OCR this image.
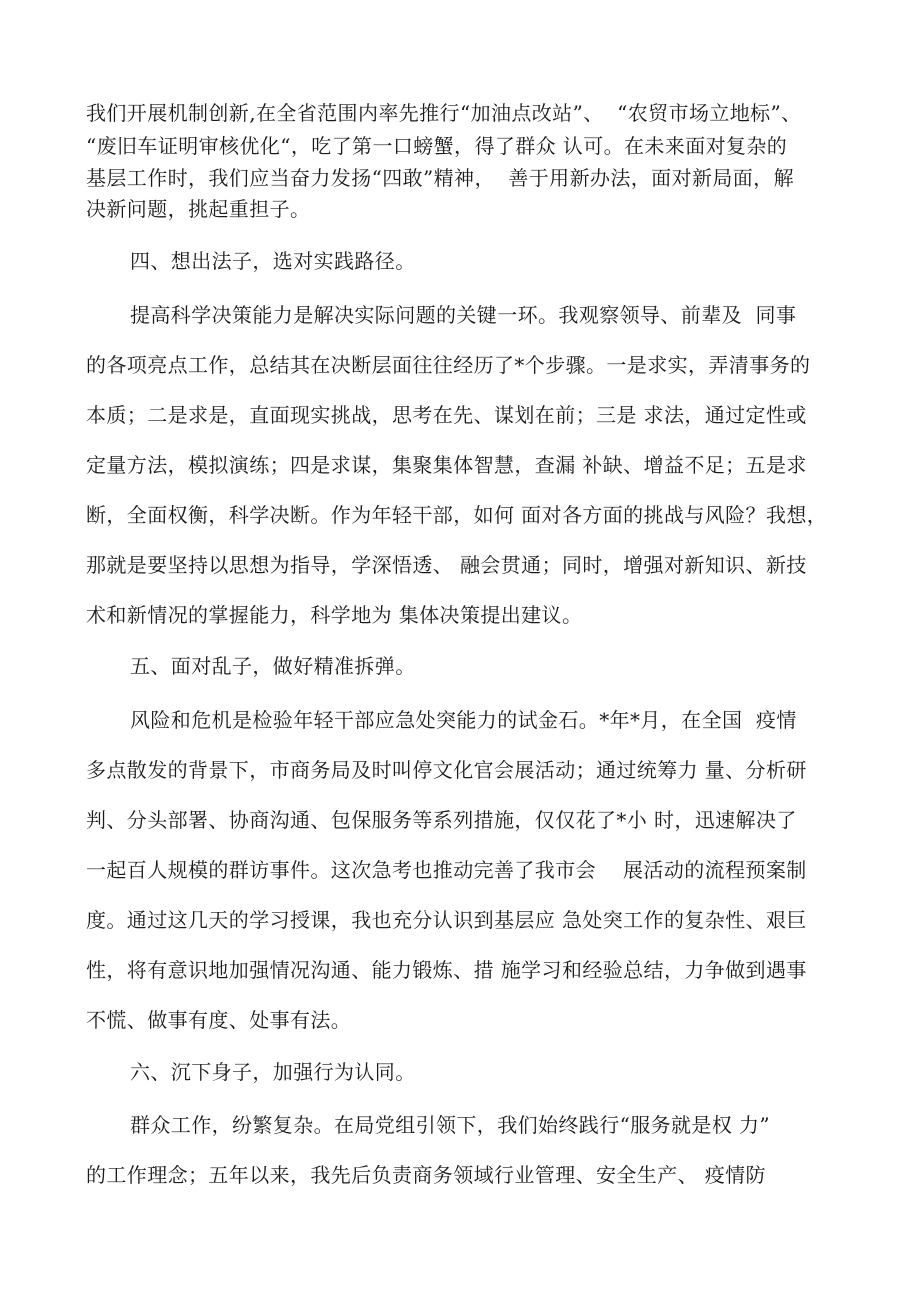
我们开展机制创新,在全省范围内率先推行“加油点改站”、  “农贸市场立地标”、
“废旧车证明审核优化“，吃了第一口螃蟹，得了群众 认可。在未来面对复杂的
基层工作时，我们应当奋力发扬“四敢”精神，  善于用新办法，面对新局面，解
决新问题，挑起重担子。
四、想出法子，选对实践路径。
提高科学决策能力是解决实际问题的关键一环。我观察领导、前辈及  同事
的各项亮点工作，总结其在决断层面往往经历了*个步骤。一是求实，弄清事务的
本质；二是求是，直面现实挑战，思考在先、谋划在前；三是 求法，通过定性或
定量方法，模拟演练；四是求谋，集聚集体智慧，查漏 补缺、增益不足；五是求
断，全面权衡，科学决断。作为年轻干部，如何 面对各方面的挑战与风险？我想，
那就是要坚持以思想为指导，学深悟透、 融会贯通；同时，增强对新知识、新技
术和新情况的掌握能力，科学地为 集体决策提出建议。
五、面对乱子，做好精准拆弹。
风险和危机是检验年轻干部应急处突能力的试金石。*年*月，在全国  疫情
多点散发的背景下，市商务局及时叫停文化官会展活动；通过统筹力 量、分析研
判、分头部署、协商沟通、包保服务等系列措施，仅仅花了*小 时，迅速解决了
一起百人规模的群访事件。这次急考也推动完善了我市会    展活动的流程预案制
度。通过这几天的学习授课，我也充分认识到基层应 急处突工作的复杂性、艰巨
性，将有意识地加强情况沟通、能力锻炼、措 施学习和经验总结，力争做到遇事
不慌、做事有度、处事有法。
六、沉下身子，加强行为认同。
群众工作，纷繁复杂。在局党组引领下，我们始终践行“服务就是权 力”
的工作理念；五年以来，我先后负责商务领域行业管理、安全生产、 疫情防
